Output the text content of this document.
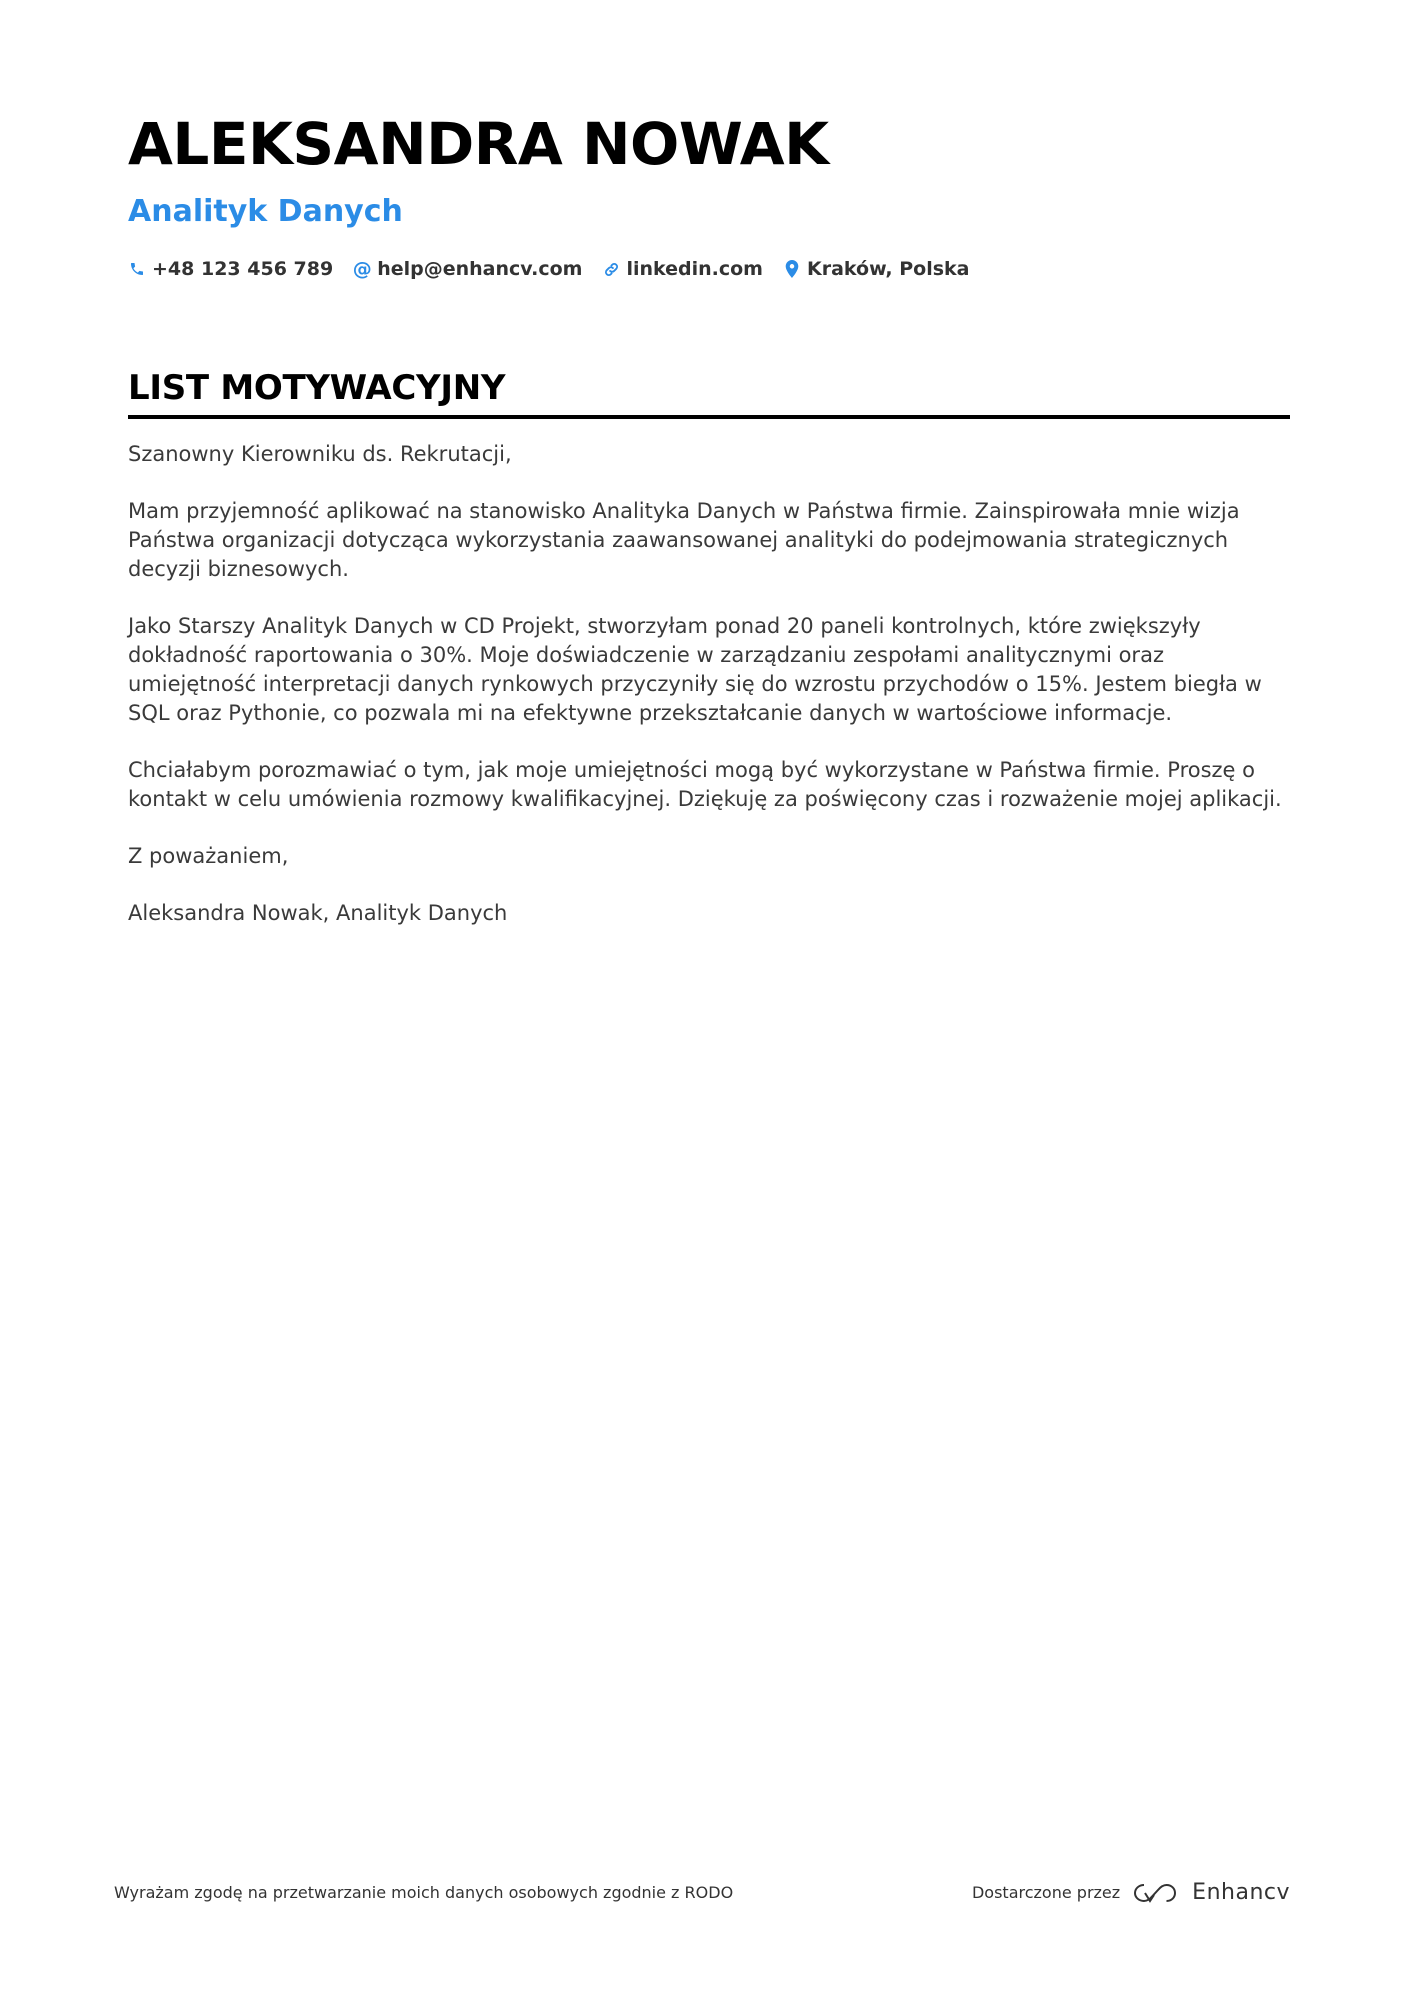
ALEKSANDRA NOWAK
Analityk Danych
+48 123 456 789 @ help@enhancv.com linkedin.com Kraków, Polska
LIST MOTYWACYJNY

Szanowny Kierowniku ds. Rekrutacji,

Mam przyjemność aplikować na stanowisko Analityka Danych w Państwa firmie. Zainspirowała mnie wizja Państwa organizacji dotycząca wykorzystania zaawansowanej analityki do podejmowania strategicznych decyzji biznesowych.

Jako Starszy Analityk Danych w CD Projekt, stworzyłam ponad 20 paneli kontrolnych, które zwiększyły dokładność raportowania o 30%. Moje doświadczenie w zarządzaniu zespołami analitycznymi oraz umiejętność interpretacji danych rynkowych przyczyniły się do wzrostu przychodów o 15%. Jestem biegła w SQL oraz Pythonie, co pozwala mi na efektywne przekształcanie danych w wartościowe informacje.

Chciałabym porozmawiać o tym, jak moje umiejętności mogą być wykorzystane w Państwa firmie. Proszę o kontakt w celu umówienia rozmowy kwalifikacyjnej. Dziękuję za poświęcony czas i rozważenie mojej aplikacji.

Z poważaniem,

Aleksandra Nowak, Analityk Danych

Wyrażam zgodę na przetwarzanie moich danych osobowych zgodnie z RODO	Dostarczone przez	Enhancv
